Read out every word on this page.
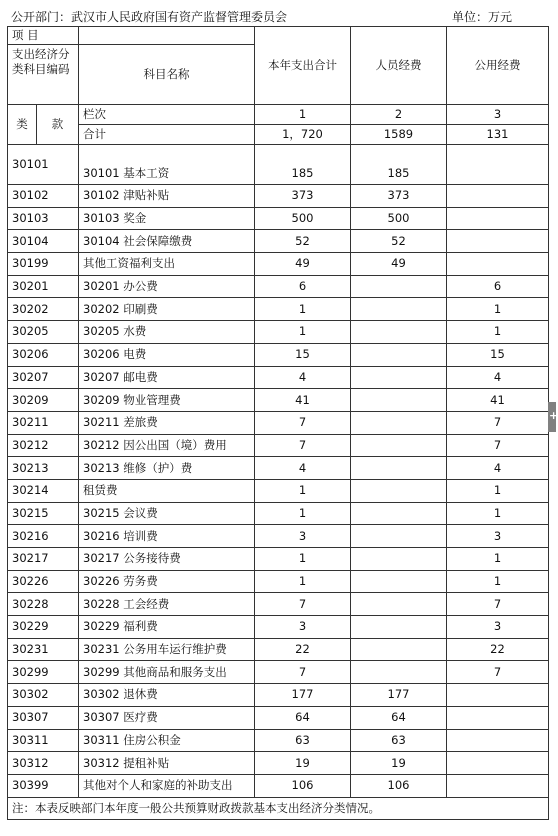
公开部门：武汉市人民政府国有资产监督管理委员会	单位：万元
项 目			本年支出合计	人员经费	公用经费

支出经济分类科目编码		科目名称			
类	款	栏次	1	2	3
		合计	1，720	1589	131
30101		30101 基本工资	185	185	
30102		30102 津贴补贴	373	373	
30103		30103 奖金	500	500	
30104		30104 社会保障缴费	52	52	
30199		其他工资福利支出	49	49	
30201		30201 办公费	6		6
30202		30202 印刷费	1		1
30205		30205 水费	1		1
30206		30206 电费	15		15
30207		30207 邮电费	4		4
30209		30209 物业管理费	41		41
30211		30211 差旅费	7		7
30212		30212 因公出国（境）费用	7		7
30213		30213 维修（护）费	4		4
30214		租赁费	1		1
30215		30215 会议费	1		1
30216		30216 培训费	3		3
30217		30217 公务接待费	1		1
30226		30226 劳务费	1		1
30228		30228 工会经费	7		7
30229		30229 福利费	3		3
30231		30231 公务用车运行维护费	22		22
30299		30299 其他商品和服务支出	7		7
30302		30302 退休费	177	177	
30307		30307 医疗费	64	64	
30311		30311 住房公积金	63	63	
30312		30312 提租补贴	19	19	
30399		其他对个人和家庭的补助支出	106	106	
注：本表反映部门本年度一般公共预算财政拨款基本支出经济分类情况。					
+
